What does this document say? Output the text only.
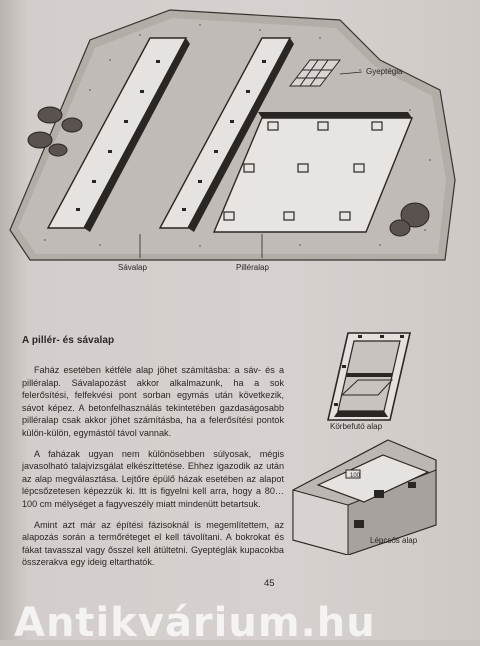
Sávalap	Pilléralap
Gyeptégla
A pillér- és sávalap

Faház esetében kétféle alap jöhet számításba: a sáv- és a pilléralap. Sávalapozást akkor alkalmazunk, ha a sok felerősítési, felfekvési pont sorban egymás után következik, sávot képez. A betonfelhasználás tekintetében gazdaságosabb pilléralap csak akkor jöhet számításba, ha a felerősítési pontok külön-külön, egymástól távol vannak.

A faházak ugyan nem különösebben súlyosak, mégis javasolható talajvizsgálat elkészíttetése. Ehhez igazodik az után az alap megválasztása. Lejtőre épülő házak esetében az alapot lépcsőzetesen képezzük ki. Itt is figyelni kell arra, hogy a 80…100 cm mélységet a fagyveszély miatt mindenütt betartsuk.

Amint azt már az építési fázisoknál is megemlítettem, az alapozás során a termőréteget el kell távolítani. A bokrokat és fákat tavasszal vagy ősszel kell átültetni. Gyeptéglák kupacokba összerakva egy ideig eltarthatók.

Körbefutó alap
100
Lépcsős alap
45
Antikvárium.hu
